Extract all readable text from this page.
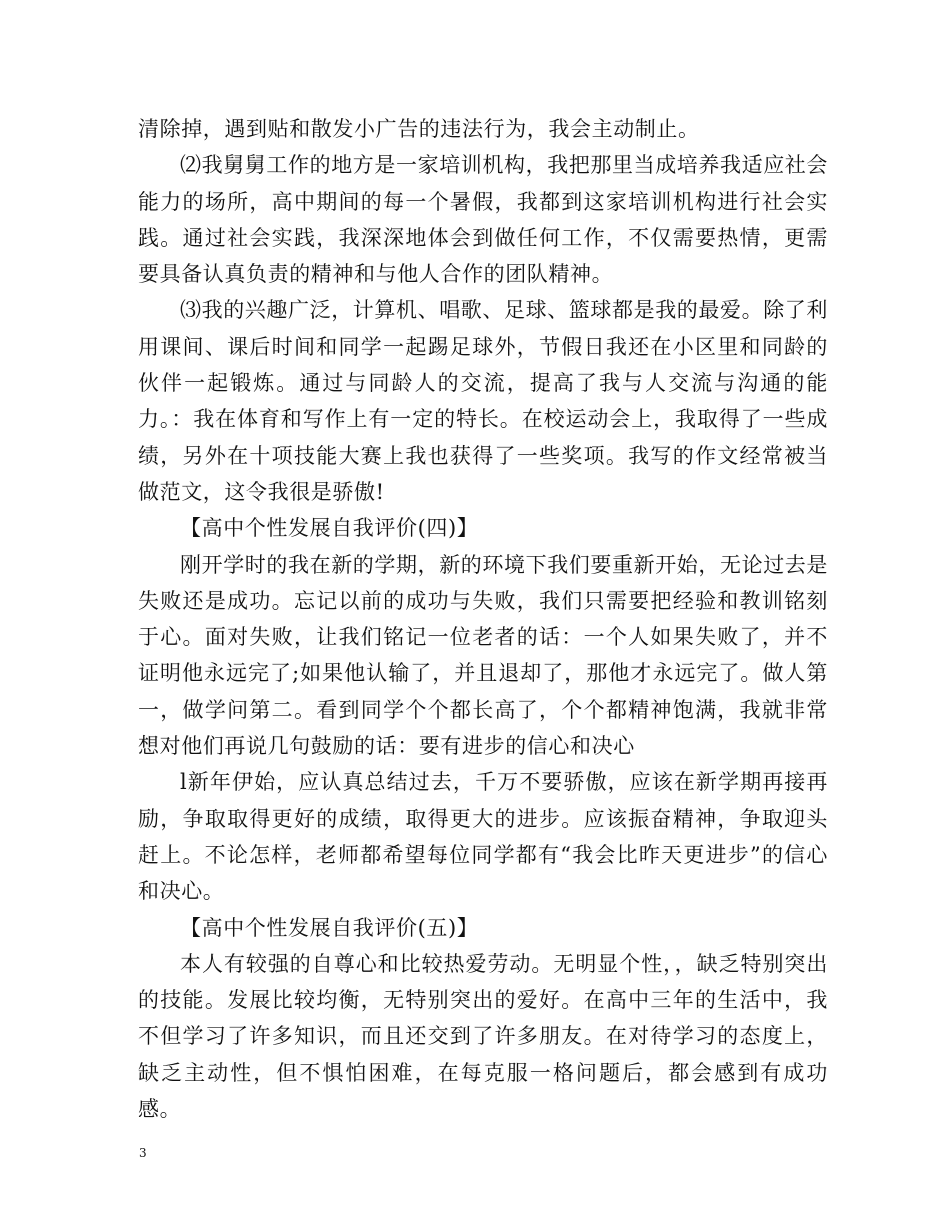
清除掉，遇到贴和散发小广告的违法行为，我会主动制止。

⑵我舅舅工作的地方是一家培训机构，我把那里当成培养我适应社会能力的场所，高中期间的每一个暑假，我都到这家培训机构进行社会实践。通过社会实践，我深深地体会到做任何工作，不仅需要热情，更需要具备认真负责的精神和与他人合作的团队精神。

⑶我的兴趣广泛，计算机、唱歌、足球、篮球都是我的最爱。除了利用课间、课后时间和同学一起踢足球外，节假日我还在小区里和同龄的伙伴一起锻炼。通过与同龄人的交流，提高了我与人交流与沟通的能力。：我在体育和写作上有一定的特长。在校运动会上，我取得了一些成绩，另外在十项技能大赛上我也获得了一些奖项。我写的作文经常被当做范文，这令我很是骄傲!

【高中个性发展自我评价(四)】

刚开学时的我在新的学期，新的环境下我们要重新开始，无论过去是失败还是成功。忘记以前的成功与失败，我们只需要把经验和教训铭刻于心。面对失败，让我们铭记一位老者的话：一个人如果失败了，并不证明他永远完了;如果他认输了，并且退却了，那他才永远完了。做人第一，做学问第二。看到同学个个都长高了，个个都精神饱满，我就非常想对他们再说几句鼓励的话：要有进步的信心和决心

l新年伊始，应认真总结过去，千万不要骄傲，应该在新学期再接再励，争取取得更好的成绩，取得更大的进步。应该振奋精神，争取迎头赶上。不论怎样，老师都希望每位同学都有“我会比昨天更进步”的信心和决心。

【高中个性发展自我评价(五)】

本人有较强的自尊心和比较热爱劳动。无明显个性，，缺乏特别突出的技能。发展比较均衡，无特别突出的爱好。在高中三年的生活中，我不但学习了许多知识，而且还交到了许多朋友。在对待学习的态度上，缺乏主动性，但不惧怕困难，在每克服一格问题后，都会感到有成功感。

3
